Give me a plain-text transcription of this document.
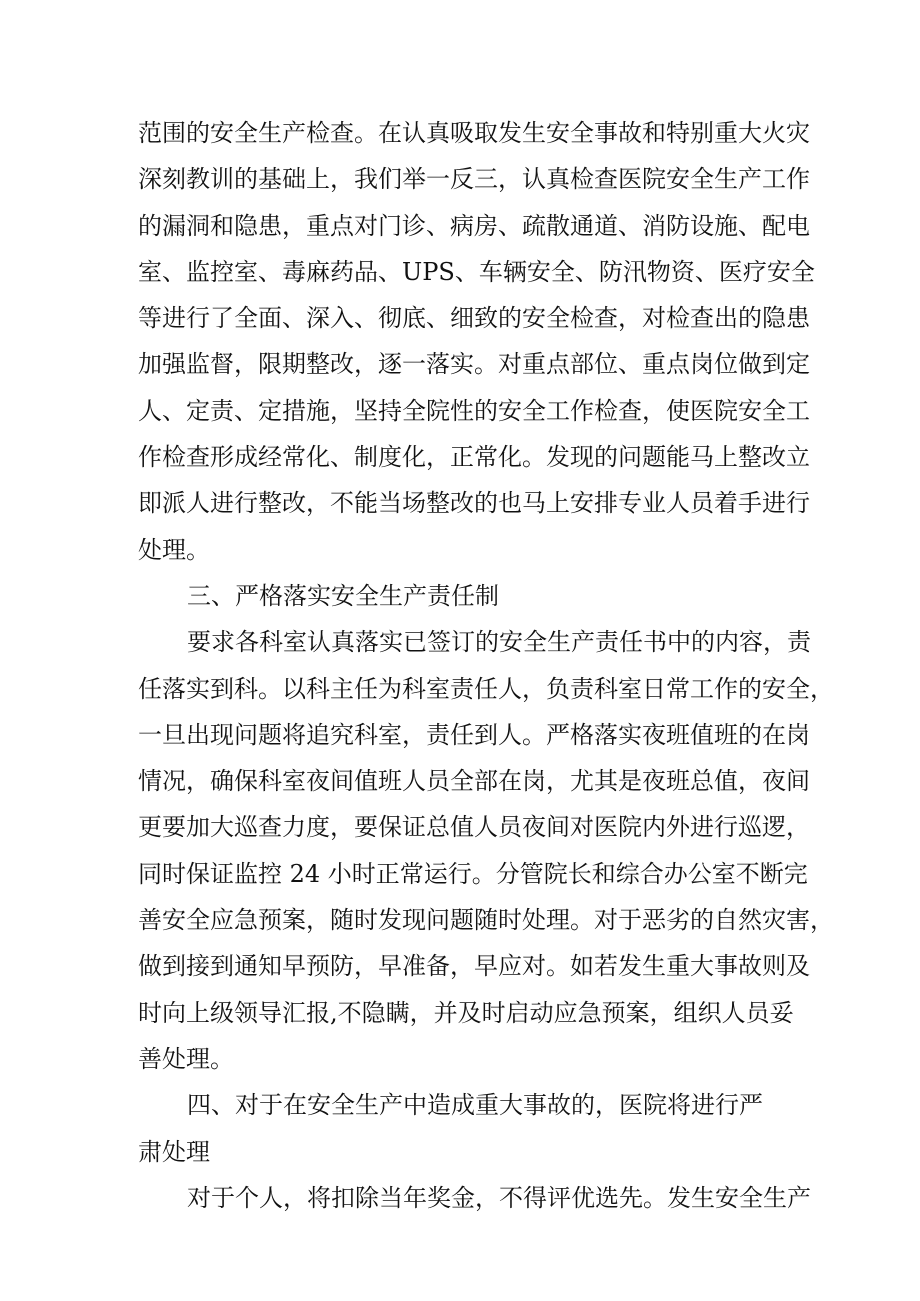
范围的安全生产检查。在认真吸取发生安全事故和特别重大火灾
深刻教训的基础上，我们举一反三，认真检查医院安全生产工作
的漏洞和隐患，重点对门诊、病房、疏散通道、消防设施、配电
室、监控室、毒麻药品、UPS、车辆安全、防汛物资、医疗安全
等进行了全面、深入、彻底、细致的安全检查，对检查出的隐患
加强监督，限期整改，逐一落实。对重点部位、重点岗位做到定
人、定责、定措施，坚持全院性的安全工作检查，使医院安全工
作检查形成经常化、制度化，正常化。发现的问题能马上整改立
即派人进行整改，不能当场整改的也马上安排专业人员着手进行
处理。
三、严格落实安全生产责任制
要求各科室认真落实已签订的安全生产责任书中的内容，责
任落实到科。以科主任为科室责任人，负责科室日常工作的安全，
一旦出现问题将追究科室，责任到人。严格落实夜班值班的在岗
情况，确保科室夜间值班人员全部在岗，尤其是夜班总值，夜间
更要加大巡查力度，要保证总值人员夜间对医院内外进行巡逻，
同时保证监控 24 小时正常运行。分管院长和综合办公室不断完
善安全应急预案，随时发现问题随时处理。对于恶劣的自然灾害，
做到接到通知早预防，早准备，早应对。如若发生重大事故则及
时向上级领导汇报,不隐瞒，并及时启动应急预案，组织人员妥
善处理。
四、对于在安全生产中造成重大事故的，医院将进行严
肃处理
对于个人，将扣除当年奖金，不得评优选先。发生安全生产
